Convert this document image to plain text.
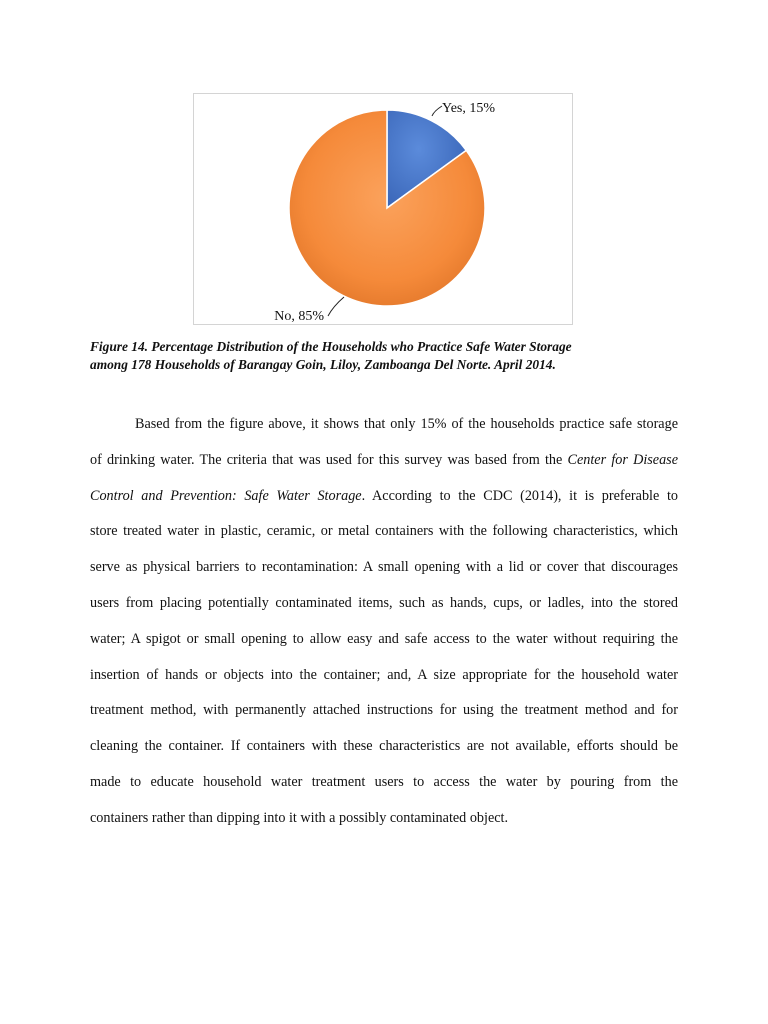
Yes, 15%
No, 85%
Figure 14. Percentage Distribution of the Households who Practice Safe Water Storage
among 178 Households of Barangay Goin, Liloy, Zamboanga Del Norte. April 2014.
Based from the figure above, it shows that only 15% of the households practice safe storage
of drinking water. The criteria that was used for this survey was based from the Center for Disease
Control and Prevention: Safe Water Storage. According to the CDC (2014), it is preferable to
store treated water in plastic, ceramic, or metal containers with the following characteristics, which
serve as physical barriers to recontamination: A small opening with a lid or cover that discourages
users from placing potentially contaminated items, such as hands, cups, or ladles, into the stored
water; A spigot or small opening to allow easy and safe access to the water without requiring the
insertion of hands or objects into the container; and, A size appropriate for the household water
treatment method, with permanently attached instructions for using the treatment method and for
cleaning the container. If containers with these characteristics are not available, efforts should be
made to educate household water treatment users to access the water by pouring from the
containers rather than dipping into it with a possibly contaminated object.
